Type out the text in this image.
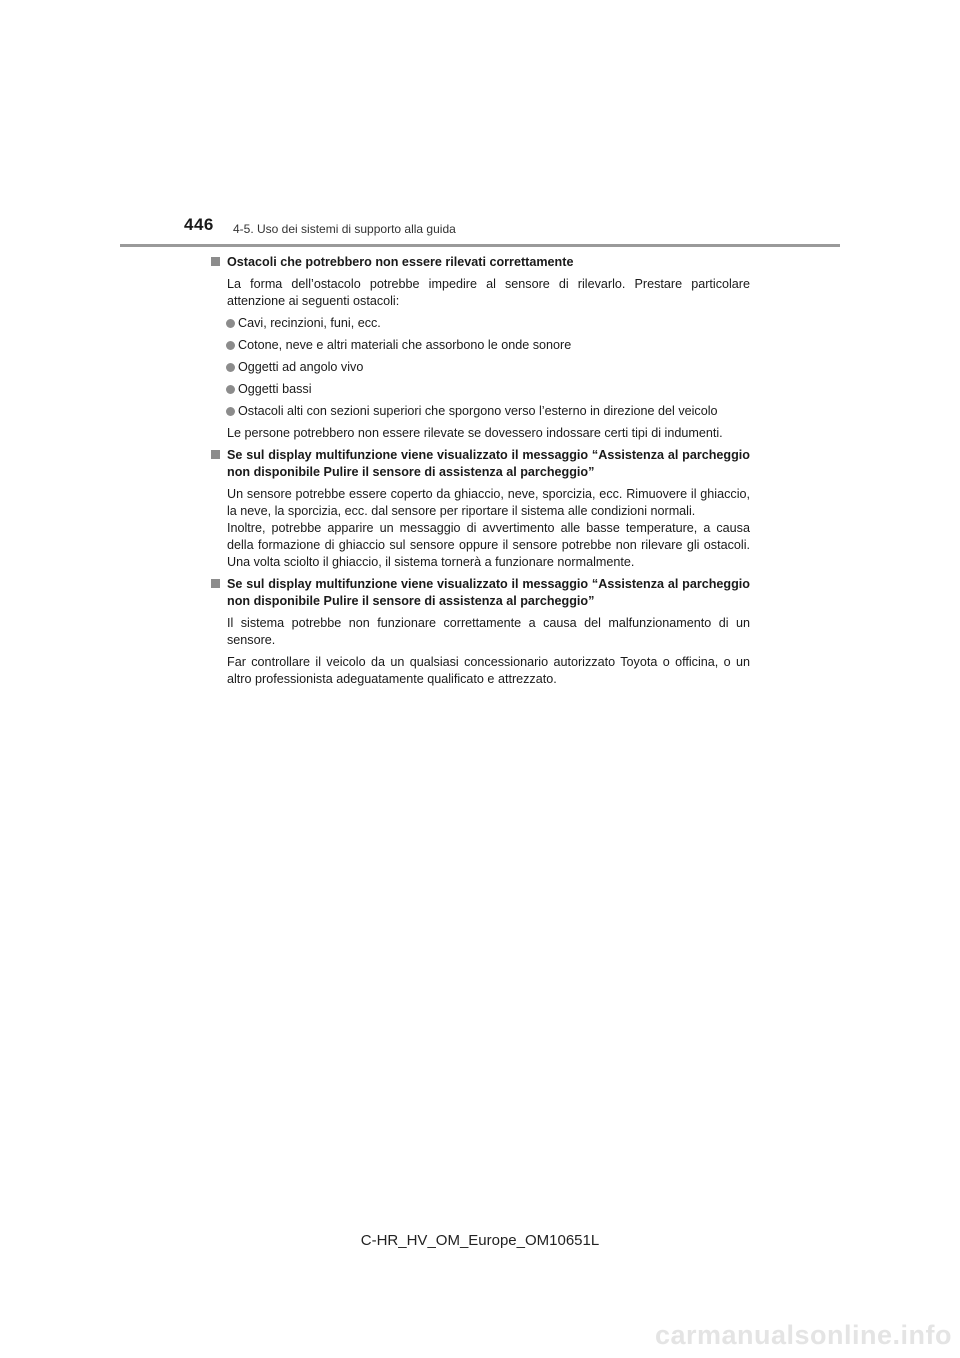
446 4-5. Uso dei sistemi di supporto alla guida
Ostacoli che potrebbero non essere rilevati correttamente

La forma dell’ostacolo potrebbe impedire al sensore di rilevarlo. Prestare particolare attenzione ai seguenti ostacoli:

Cavi, recinzioni, funi, ecc.
Cotone, neve e altri materiali che assorbono le onde sonore
Oggetti ad angolo vivo
Oggetti bassi
Ostacoli alti con sezioni superiori che sporgono verso l’esterno in direzione del veicolo

Le persone potrebbero non essere rilevate se dovessero indossare certi tipi di indumenti.

Se sul display multifunzione viene visualizzato il messaggio “Assistenza al parcheggio non disponibile Pulire il sensore di assistenza al parcheggio”

Un sensore potrebbe essere coperto da ghiaccio, neve, sporcizia, ecc. Rimuovere il ghiaccio, la neve, la sporcizia, ecc. dal sensore per riportare il sistema alle condizioni normali.

Inoltre, potrebbe apparire un messaggio di avvertimento alle basse temperature, a causa della formazione di ghiaccio sul sensore oppure il sensore potrebbe non rilevare gli ostacoli. Una volta sciolto il ghiaccio, il sistema tornerà a funzionare normalmente.

Se sul display multifunzione viene visualizzato il messaggio “Assistenza al parcheggio non disponibile Pulire il sensore di assistenza al parcheggio”

Il sistema potrebbe non funzionare correttamente a causa del malfunzionamento di un sensore.

Far controllare il veicolo da un qualsiasi concessionario autorizzato Toyota o officina, o un altro professionista adeguatamente qualificato e attrezzato.

C-HR_HV_OM_Europe_OM10651L
carmanualsonline.info
